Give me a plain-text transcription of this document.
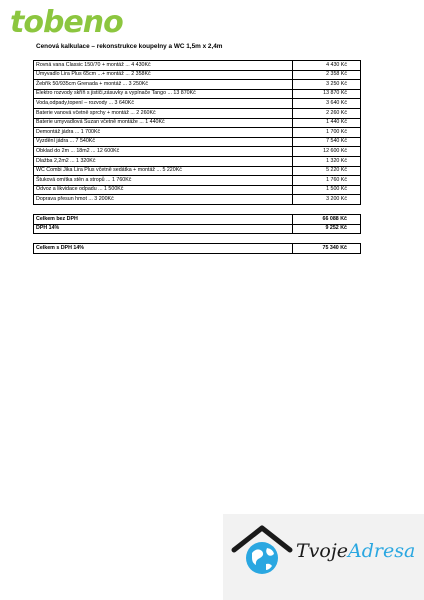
tobeno
Cenová kalkulace – rekonstrukce koupelny a WC 1,5m x 2,4m
Rovná vana Classic 150/70 + montáž ... 4 430Kč	4 430 Kč
Umyvadlo Lira Plus 65cm ...+ montáž ... 2 358Kč	2 358 Kč
Žebřík 50/935cm Grenada + montáž ... 3 250Kč	3 250 Kč
Elektro rozvody skříň s jističi,zásuvky a vypínače Tango ... 13 870Kč	13 870 Kč
Voda,odpady,topení – rozvody ... 3 640Kč	3 640 Kč
Baterie vanová včetně sprchy + montáž ... 2 260Kč	2 260 Kč
Baterie umyvadlová Suzan včetně montáže ... 1 440Kč	1 440 Kč
Demontáž jádra ... 1 700Kč	1 700 Kč
Vyzdění jádra ... 7 540Kč	7 540 Kč
Obklad do 2m ... 18m2 ... 12 600Kč	12 600 Kč
Dlažba 2,2m2 ... 1 320Kč	1 320 Kč
WC Combi Jika Lira Plus včetně sedátka + montáž ... 5 220Kč	5 220 Kč
Štuková omítka stěn a stropů ... 1 760Kč	1 760 Kč
Odvoz a likvidace odpadu ... 1 500Kč	1 500 Kč
Doprava přesun hmot ... 3 200Kč	3 200 Kč

Celkem bez DPH	66 088 Kč
DPH 14%	9 252 Kč

Celkem s DPH 14%	75 340 Kč
TvojeAdresa
